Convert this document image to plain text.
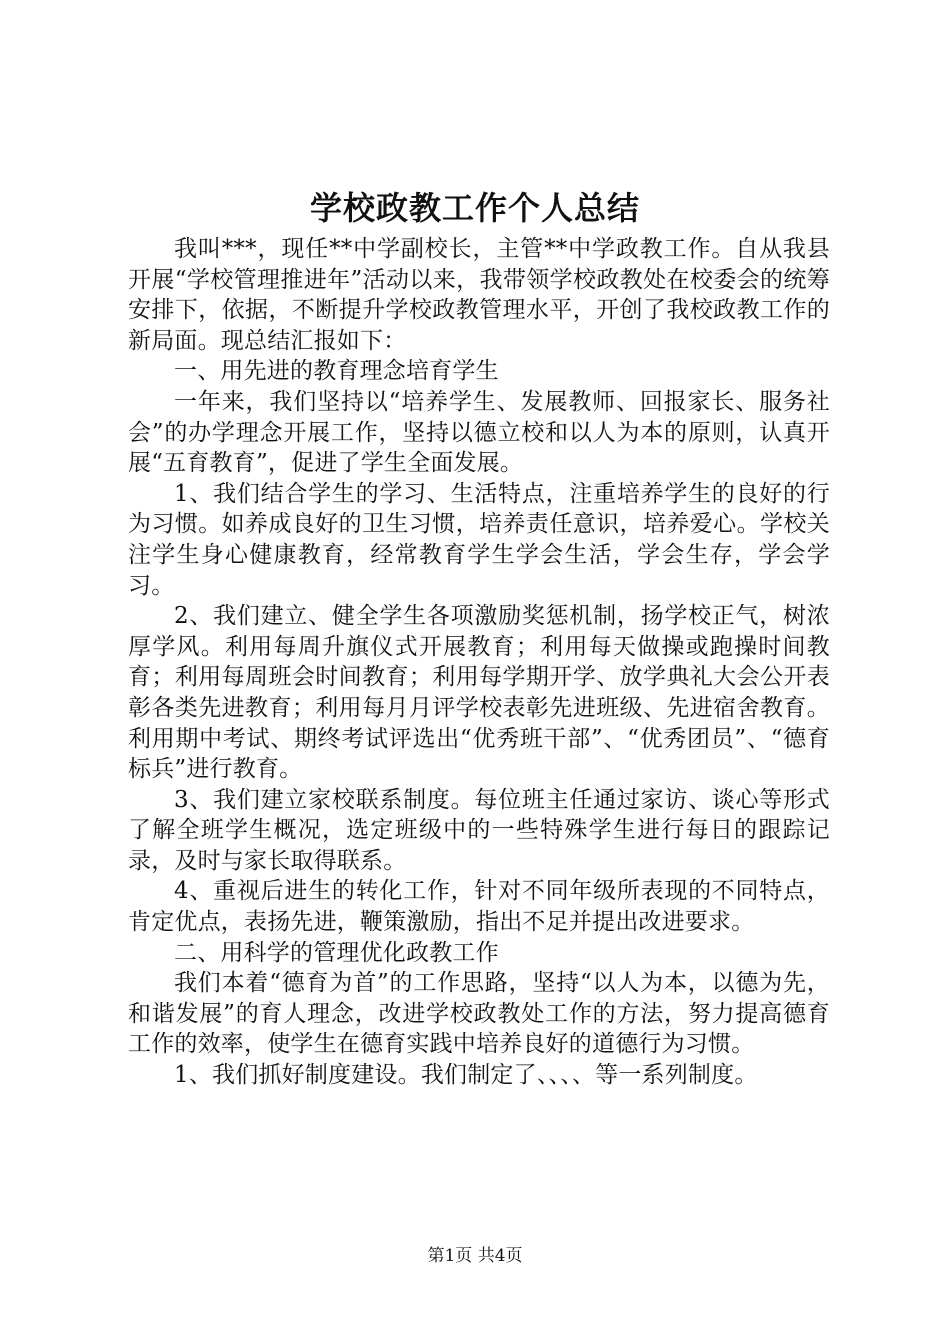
学校政教工作个人总结

我叫***，现任**中学副校长，主管**中学政教工作。自从我县开展“学校管理推进年”活动以来，我带领学校政教处在校委会的统筹安排下，依据，不断提升学校政教管理水平，开创了我校政教工作的新局面。现总结汇报如下：

一、用先进的教育理念培育学生

一年来，我们坚持以“培养学生、发展教师、回报家长、服务社会”的办学理念开展工作，坚持以德立校和以人为本的原则，认真开展“五育教育”，促进了学生全面发展。

1、我们结合学生的学习、生活特点，注重培养学生的良好的行为习惯。如养成良好的卫生习惯，培养责任意识，培养爱心。学校关注学生身心健康教育，经常教育学生学会生活，学会生存，学会学习。

2、我们建立、健全学生各项激励奖惩机制，扬学校正气，树浓厚学风。利用每周升旗仪式开展教育；利用每天做操或跑操时间教育；利用每周班会时间教育；利用每学期开学、放学典礼大会公开表彰各类先进教育；利用每月月评学校表彰先进班级、先进宿舍教育。利用期中考试、期终考试评选出“优秀班干部”、“优秀团员”、“德育标兵”进行教育。

3、我们建立家校联系制度。每位班主任通过家访、谈心等形式了解全班学生概况，选定班级中的一些特殊学生进行每日的跟踪记录，及时与家长取得联系。

4、重视后进生的转化工作，针对不同年级所表现的不同特点，肯定优点，表扬先进，鞭策激励，指出不足并提出改进要求。

二、用科学的管理优化政教工作

我们本着“德育为首”的工作思路，坚持“以人为本，以德为先，和谐发展”的育人理念，改进学校政教处工作的方法，努力提高德育工作的效率，使学生在德育实践中培养良好的道德行为习惯。

1、我们抓好制度建设。我们制定了、、、、等一系列制度。

第1页 共4页
